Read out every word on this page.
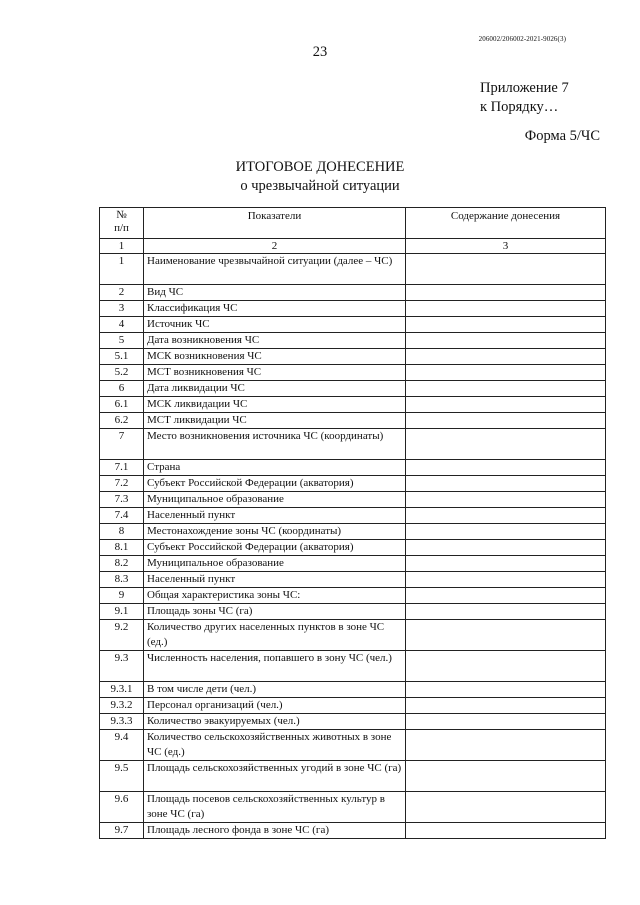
206002/206002-2021-9026(3)
23
Приложение 7
к Порядку…
Форма 5/ЧС
ИТОГОВОЕ ДОНЕСЕНИЕ
о чрезвычайной ситуации
№
п/п	Показатели	Содержание донесения
1	2	3
1	Наименование чрезвычайной ситуации (далее – ЧС)	
2	Вид ЧС	
3	Классификация ЧС	
4	Источник ЧС	
5	Дата возникновения ЧС	
5.1	МСК возникновения ЧС	
5.2	МСТ возникновения ЧС	
6	Дата ликвидации ЧС	
6.1	МСК ликвидации ЧС	
6.2	МСТ ликвидации ЧС	
7	Место возникновения источника ЧС (координаты)	
7.1	Страна	
7.2	Субъект Российской Федерации (акватория)	
7.3	Муниципальное образование	
7.4	Населенный пункт	
8	Местонахождение зоны ЧС (координаты)	
8.1	Субъект Российской Федерации (акватория)	
8.2	Муниципальное образование	
8.3	Населенный пункт	
9	Общая характеристика зоны ЧС:	
9.1	Площадь зоны ЧС (га)	
9.2	Количество других населенных пунктов в зоне ЧС (ед.)	
9.3	Численность населения, попавшего в зону ЧС (чел.)	
9.3.1	В том числе дети (чел.)	
9.3.2	Персонал организаций (чел.)	
9.3.3	Количество эвакуируемых (чел.)	
9.4	Количество сельскохозяйственных животных в зоне ЧС (ед.)	
9.5	Площадь сельскохозяйственных угодий в зоне ЧС (га)	
9.6	Площадь посевов сельскохозяйственных культур в зоне ЧС (га)	
9.7	Площадь лесного фонда в зоне ЧС (га)	
